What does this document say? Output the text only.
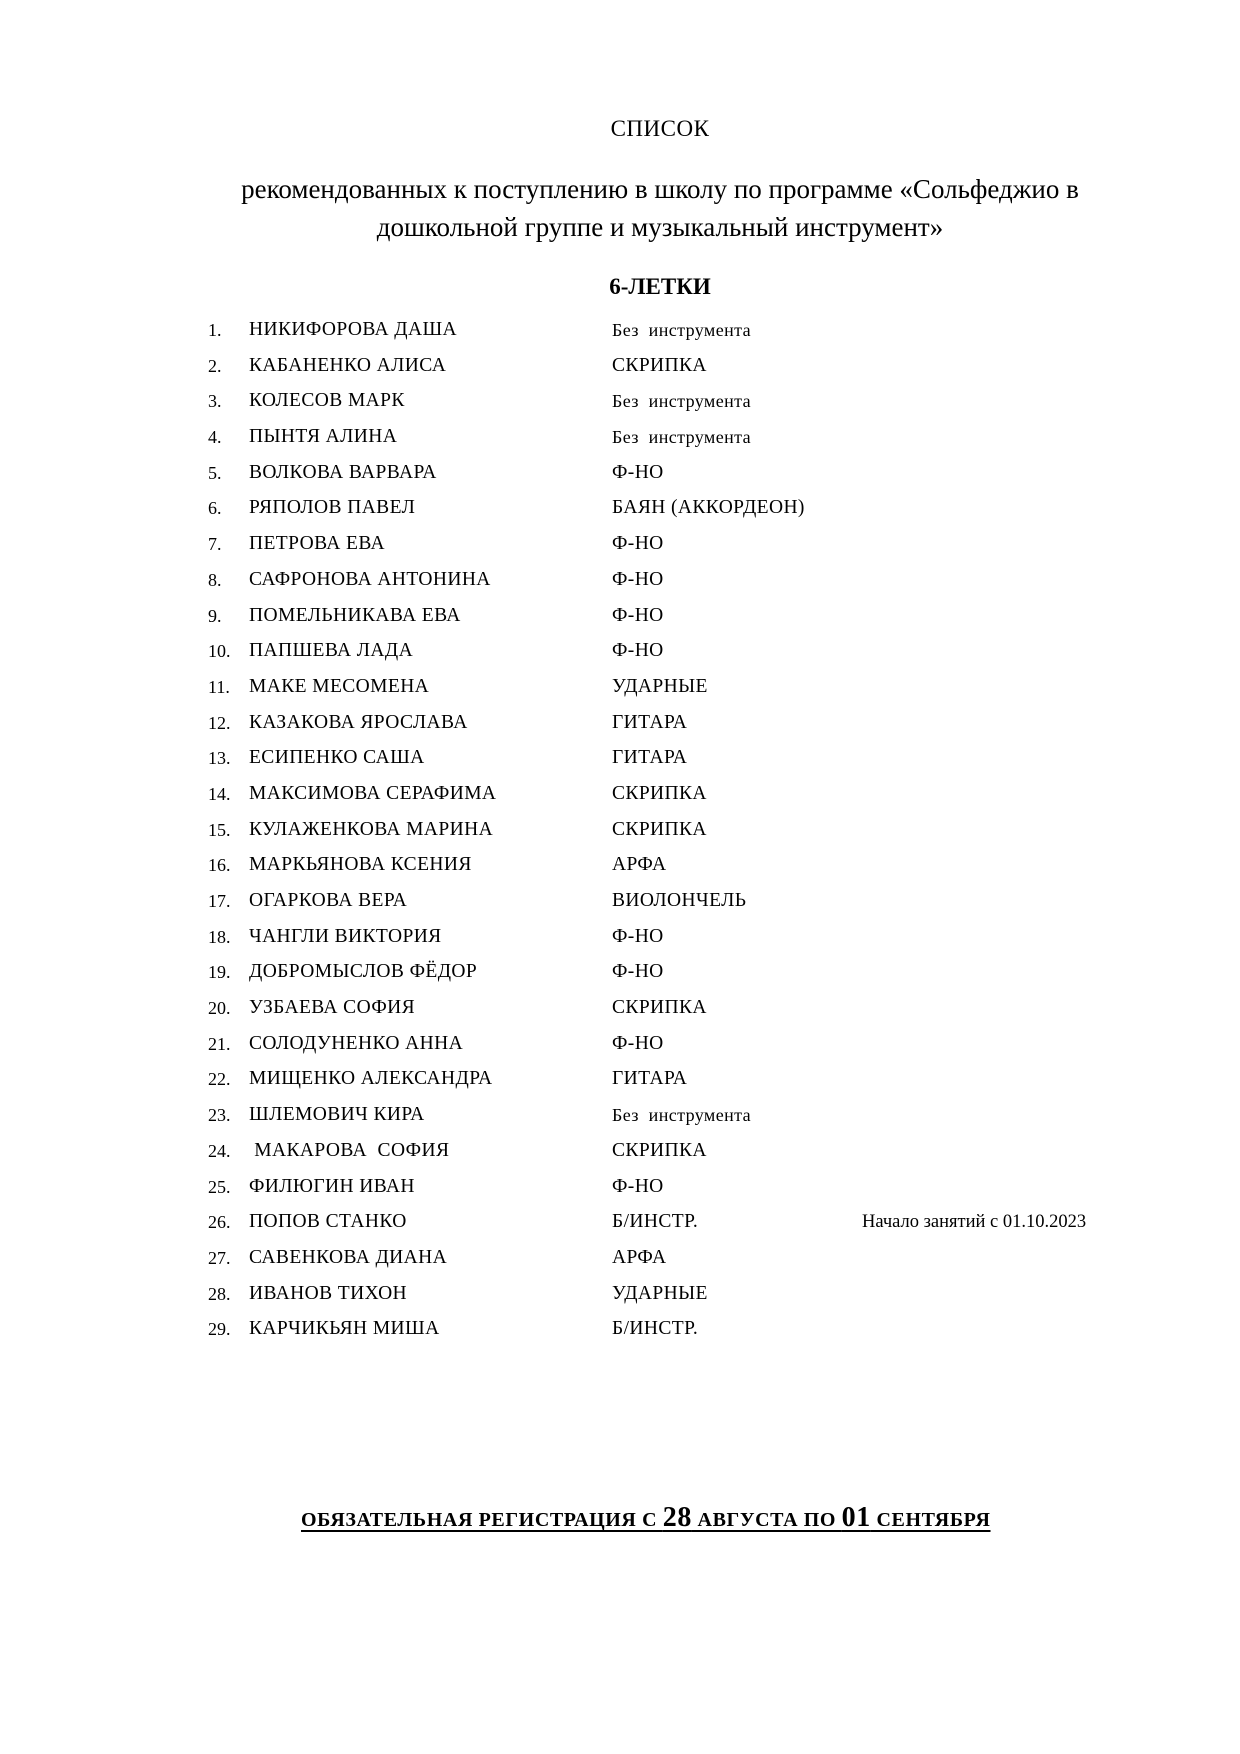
СПИСОК
рекомендованных к поступлению в школу по программе «Сольфеджио в
дошкольной группе и музыкальный инструмент»
6-ЛЕТКИ
1.	НИКИФОРОВА ДАША	Без  инструмента
2.	КАБАНЕНКО АЛИСА	СКРИПКА
3.	КОЛЕСОВ МАРК	Без  инструмента
4.	ПЫНТЯ АЛИНА	Без  инструмента
5.	ВОЛКОВА ВАРВАРА	Ф-НО
6.	РЯПОЛОВ ПАВЕЛ	БАЯН (АККОРДЕОН)
7.	ПЕТРОВА ЕВА	Ф-НО
8.	САФРОНОВА АНТОНИНА	Ф-НО
9.	ПОМЕЛЬНИКАВА ЕВА	Ф-НО
10. ПАПШЕВА ЛАДА	Ф-НО
11. МАКЕ МЕСОМЕНА	УДАРНЫЕ
12. КАЗАКОВА ЯРОСЛАВА	ГИТАРА
13. ЕСИПЕНКО САША	ГИТАРА
14. МАКСИМОВА СЕРАФИМА	СКРИПКА
15. КУЛАЖЕНКОВА МАРИНА	СКРИПКА
16. МАРКЬЯНОВА КСЕНИЯ	АРФА
17. ОГАРКОВА ВЕРА	ВИОЛОНЧЕЛЬ
18. ЧАНГЛИ ВИКТОРИЯ	Ф-НО
19. ДОБРОМЫСЛОВ ФЁДОР	Ф-НО
20. УЗБАЕВА СОФИЯ	СКРИПКА
21. СОЛОДУНЕНКО АННА	Ф-НО
22. МИЩЕНКО АЛЕКСАНДРА	ГИТАРА
23. ШЛЕМОВИЧ КИРА	Без  инструмента
24. МАКАРОВА  СОФИЯ	СКРИПКА
25. ФИЛЮГИН ИВАН	Ф-НО
26. ПОПОВ СТАНКО	Б/ИНСТР.	Начало занятий с 01.10.2023
27. САВЕНКОВА ДИАНА	АРФА
28. ИВАНОВ ТИХОН	УДАРНЫЕ
29. КАРЧИКЬЯН МИША	Б/ИНСТР.
ОБЯЗАТЕЛЬНАЯ РЕГИСТРАЦИЯ С 28 АВГУСТА ПО 01 СЕНТЯБРЯ
